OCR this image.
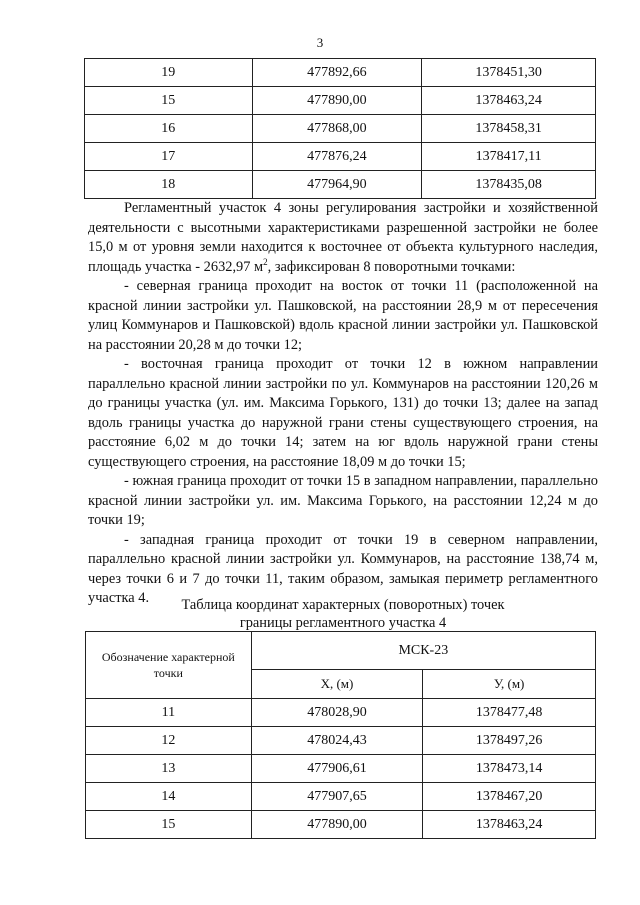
3
19	477892,66	1378451,30
15	477890,00	1378463,24
16	477868,00	1378458,31
17	477876,24	1378417,11
18	477964,90	1378435,08

Регламентный участок 4 зоны регулирования застройки и хозяйственной деятельности с высотными характеристиками разрешенной застройки не более 15,0 м от уровня земли находится к восточнее от объекта культурного наследия, площадь участка - 2632,97 $м^2$, зафиксирован 8 поворотными точками:

- северная граница проходит на восток от точки 11 (расположенной на красной линии застройки ул. Пашковской, на расстоянии 28,9 м от пересечения улиц Коммунаров и Пашковской) вдоль красной линии застройки ул. Пашковской на расстоянии 20,28 м до точки 12;

- восточная граница проходит от точки 12 в южном направлении параллельно красной линии застройки по ул. Коммунаров на расстоянии 120,26 м до границы участка (ул. им. Максима Горького, 131) до точки 13; далее на запад вдоль границы участка до наружной грани стены существующего строения, на расстояние 6,02 м до точки 14; затем на юг вдоль наружной грани стены существующего строения, на расстояние 18,09 м до точки 15;

- южная граница проходит от точки 15 в западном направлении, параллельно красной линии застройки ул. им. Максима Горького, на расстоянии 12,24 м до точки 19;

- западная граница проходит от точки 19 в северном направлении, параллельно красной линии застройки ул. Коммунаров, на расстояние 138,74 м, через точки 6 и 7 до точки 11, таким образом, замыкая периметр регламентного участка 4.	Таблица координат характерных (поворотных) точек
границы регламентного участка 4
Обозначение характерной точки	МСК-23	
	X, (м)	У, (м)
11	478028,90	1378477,48
12	478024,43	1378497,26
13	477906,61	1378473,14
14	477907,65	1378467,20
15	477890,00	1378463,24
